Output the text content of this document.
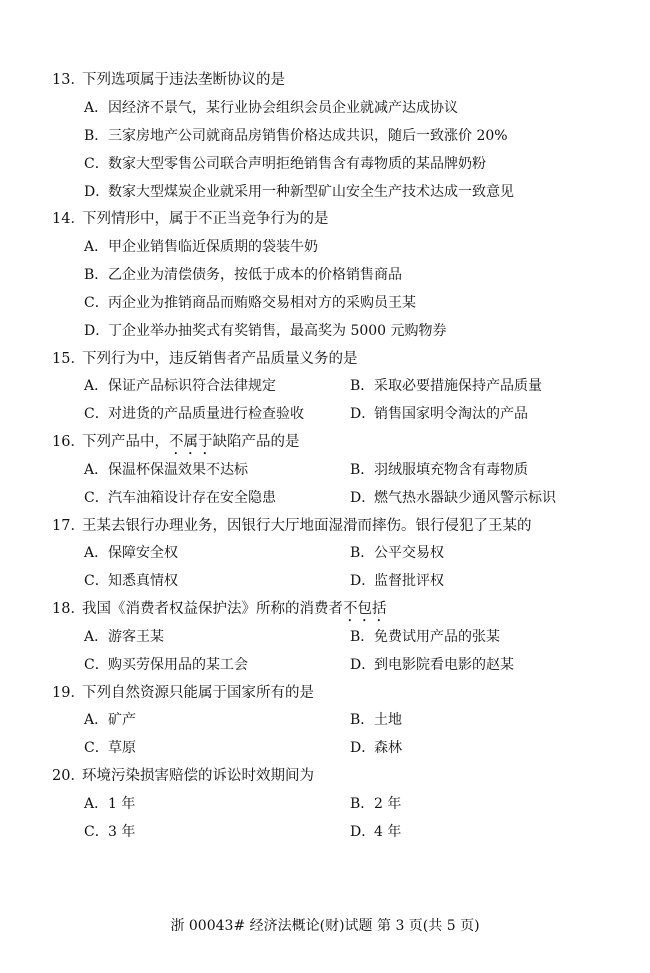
13．下列选项属于违法垄断协议的是
A．因经济不景气，某行业协会组织会员企业就减产达成协议
B．三家房地产公司就商品房销售价格达成共识，随后一致涨价 20%
C．数家大型零售公司联合声明拒绝销售含有毒物质的某品牌奶粉
D．数家大型煤炭企业就采用一种新型矿山安全生产技术达成一致意见
14．下列情形中，属于不正当竞争行为的是
A．甲企业销售临近保质期的袋装牛奶
B．乙企业为清偿债务，按低于成本的价格销售商品
C．丙企业为推销商品而贿赂交易相对方的采购员王某
D．丁企业举办抽奖式有奖销售，最高奖为 5000 元购物券
15．下列行为中，违反销售者产品质量义务的是
A．保证产品标识符合法律规定	B．采取必要措施保持产品质量
C．对进货的产品质量进行检查验收	D．销售国家明令淘汰的产品
16．下列产品中，不属于缺陷产品的是
A．保温杯保温效果不达标	B．羽绒服填充物含有毒物质
C．汽车油箱设计存在安全隐患	D．燃气热水器缺少通风警示标识
17．王某去银行办理业务，因银行大厅地面湿滑而摔伤。银行侵犯了王某的
A．保障安全权	B．公平交易权
C．知悉真情权	D．监督批评权
18．我国《消费者权益保护法》所称的消费者不包括
A．游客王某	B．免费试用产品的张某
C．购买劳保用品的某工会	D．到电影院看电影的赵某
19．下列自然资源只能属于国家所有的是
A．矿产	B．土地
C．草原	D．森林
20．环境污染损害赔偿的诉讼时效期间为
A．1 年	B．2 年
C．3 年	D．4 年
浙 00043# 经济法概论(财)试题 第 3 页(共 5 页)
